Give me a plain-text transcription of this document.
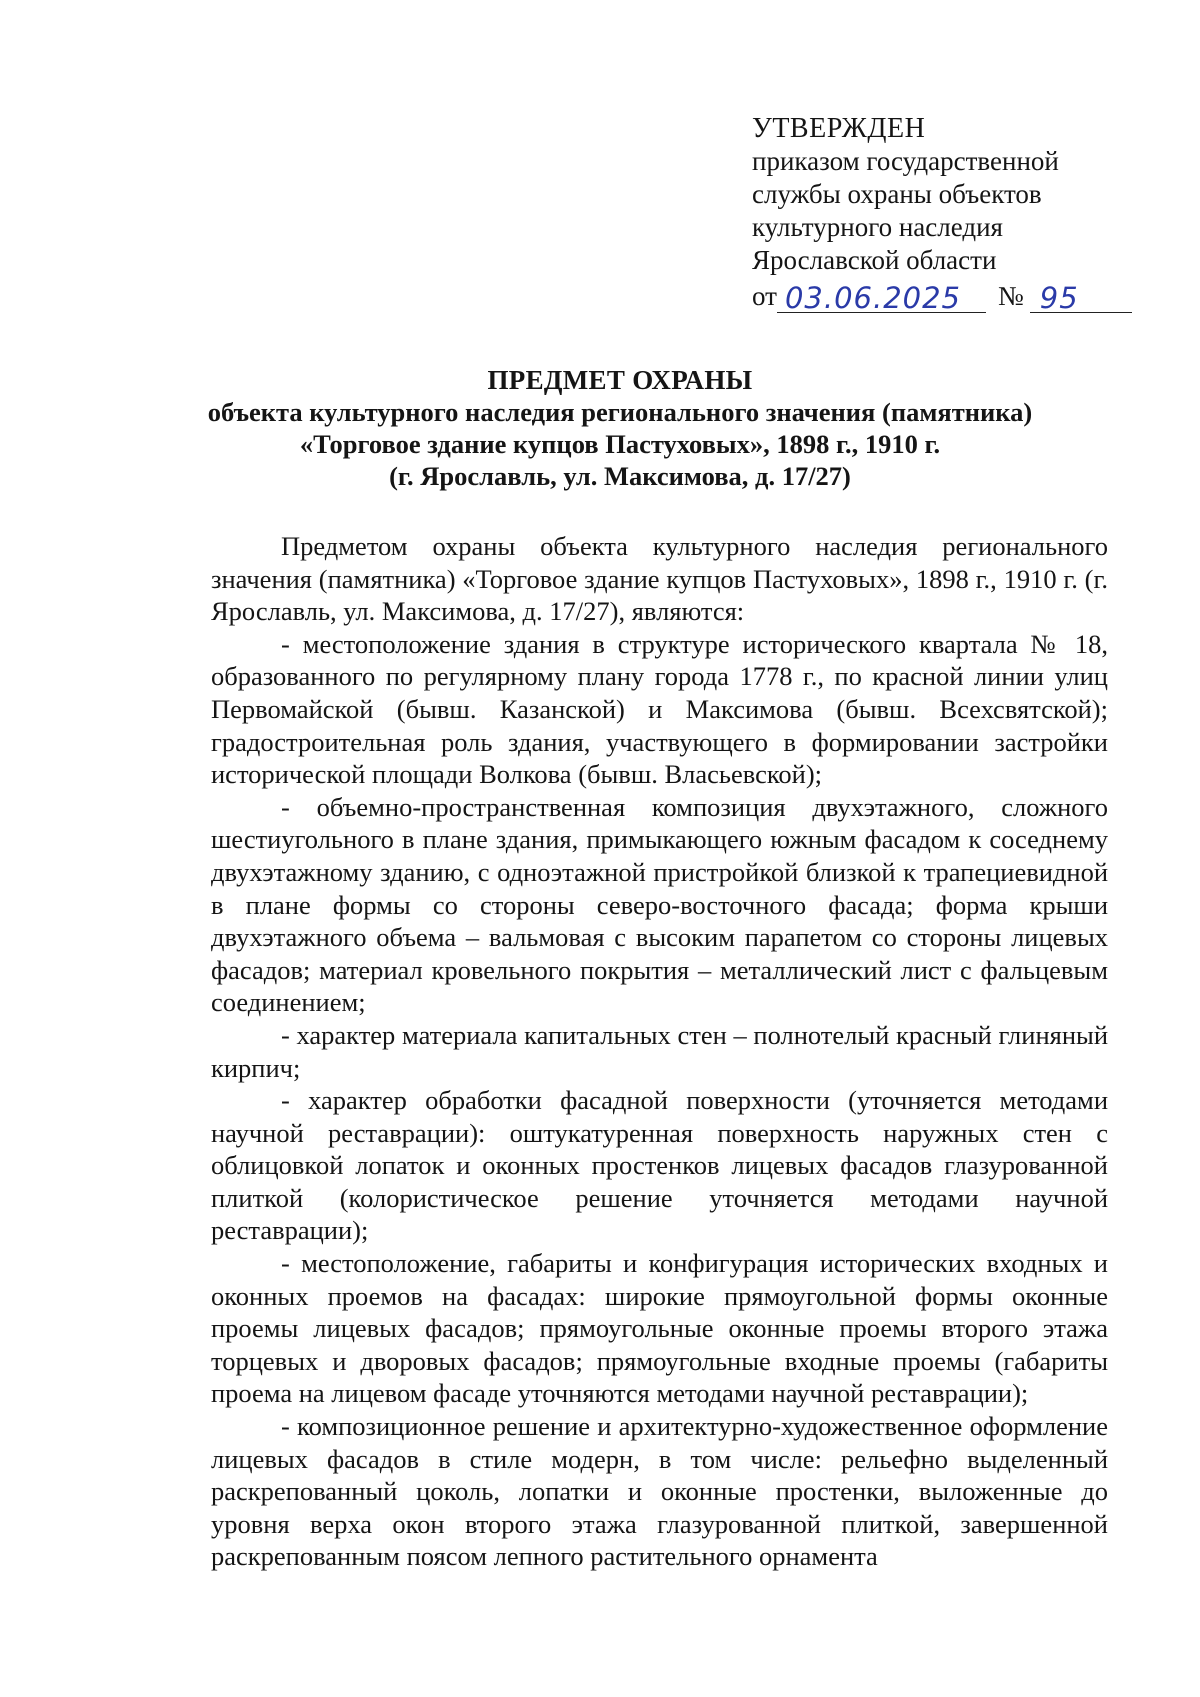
УТВЕРЖДЕН
приказом государственной
службы охраны объектов
культурного наследия
Ярославской области
от 03.06.2025	№ 95
ПРЕДМЕТ ОХРАНЫ
объекта культурного наследия регионального значения (памятника)
«Торговое здание купцов Пастуховых», 1898 г., 1910 г.
(г. Ярославль, ул. Максимова, д. 17/27)

Предметом охраны объекта культурного наследия регионального значения (памятника) «Торговое здание купцов Пастуховых», 1898 г., 1910 г. (г. Ярославль, ул. Максимова, д. 17/27), являются:

- местоположение здания в структуре исторического квартала № 18, образованного по регулярному плану города 1778 г., по красной линии улиц Первомайской (бывш. Казанской) и Максимова (бывш. Всехсвятской); градостроительная роль здания, участвующего в формировании застройки исторической площади Волкова (бывш. Власьевской);

- объемно-пространственная композиция двухэтажного, сложного шестиугольного в плане здания, примыкающего южным фасадом к соседнему двухэтажному зданию, с одноэтажной пристройкой близкой к трапециевидной в плане формы со стороны северо-восточного фасада; форма крыши двухэтажного объема – вальмовая с высоким парапетом со стороны лицевых фасадов; материал кровельного покрытия – металлический лист с фальцевым соединением;

- характер материала капитальных стен – полнотелый красный глиняный кирпич;

- характер обработки фасадной поверхности (уточняется методами научной реставрации): оштукатуренная поверхность наружных стен с облицовкой лопаток и оконных простенков лицевых фасадов глазурованной плиткой (колористическое решение уточняется методами научной реставрации);

- местоположение, габариты и конфигурация исторических входных и оконных проемов на фасадах: широкие прямоугольной формы оконные проемы лицевых фасадов; прямоугольные оконные проемы второго этажа торцевых и дворовых фасадов; прямоугольные входные проемы (габариты проема на лицевом фасаде уточняются методами научной реставрации);

- композиционное решение и архитектурно-художественное оформление лицевых фасадов в стиле модерн, в том числе: рельефно выделенный раскрепованный цоколь, лопатки и оконные простенки, выложенные до уровня верха окон второго этажа глазурованной плиткой, завершенной раскрепованным поясом лепного растительного орнамента
